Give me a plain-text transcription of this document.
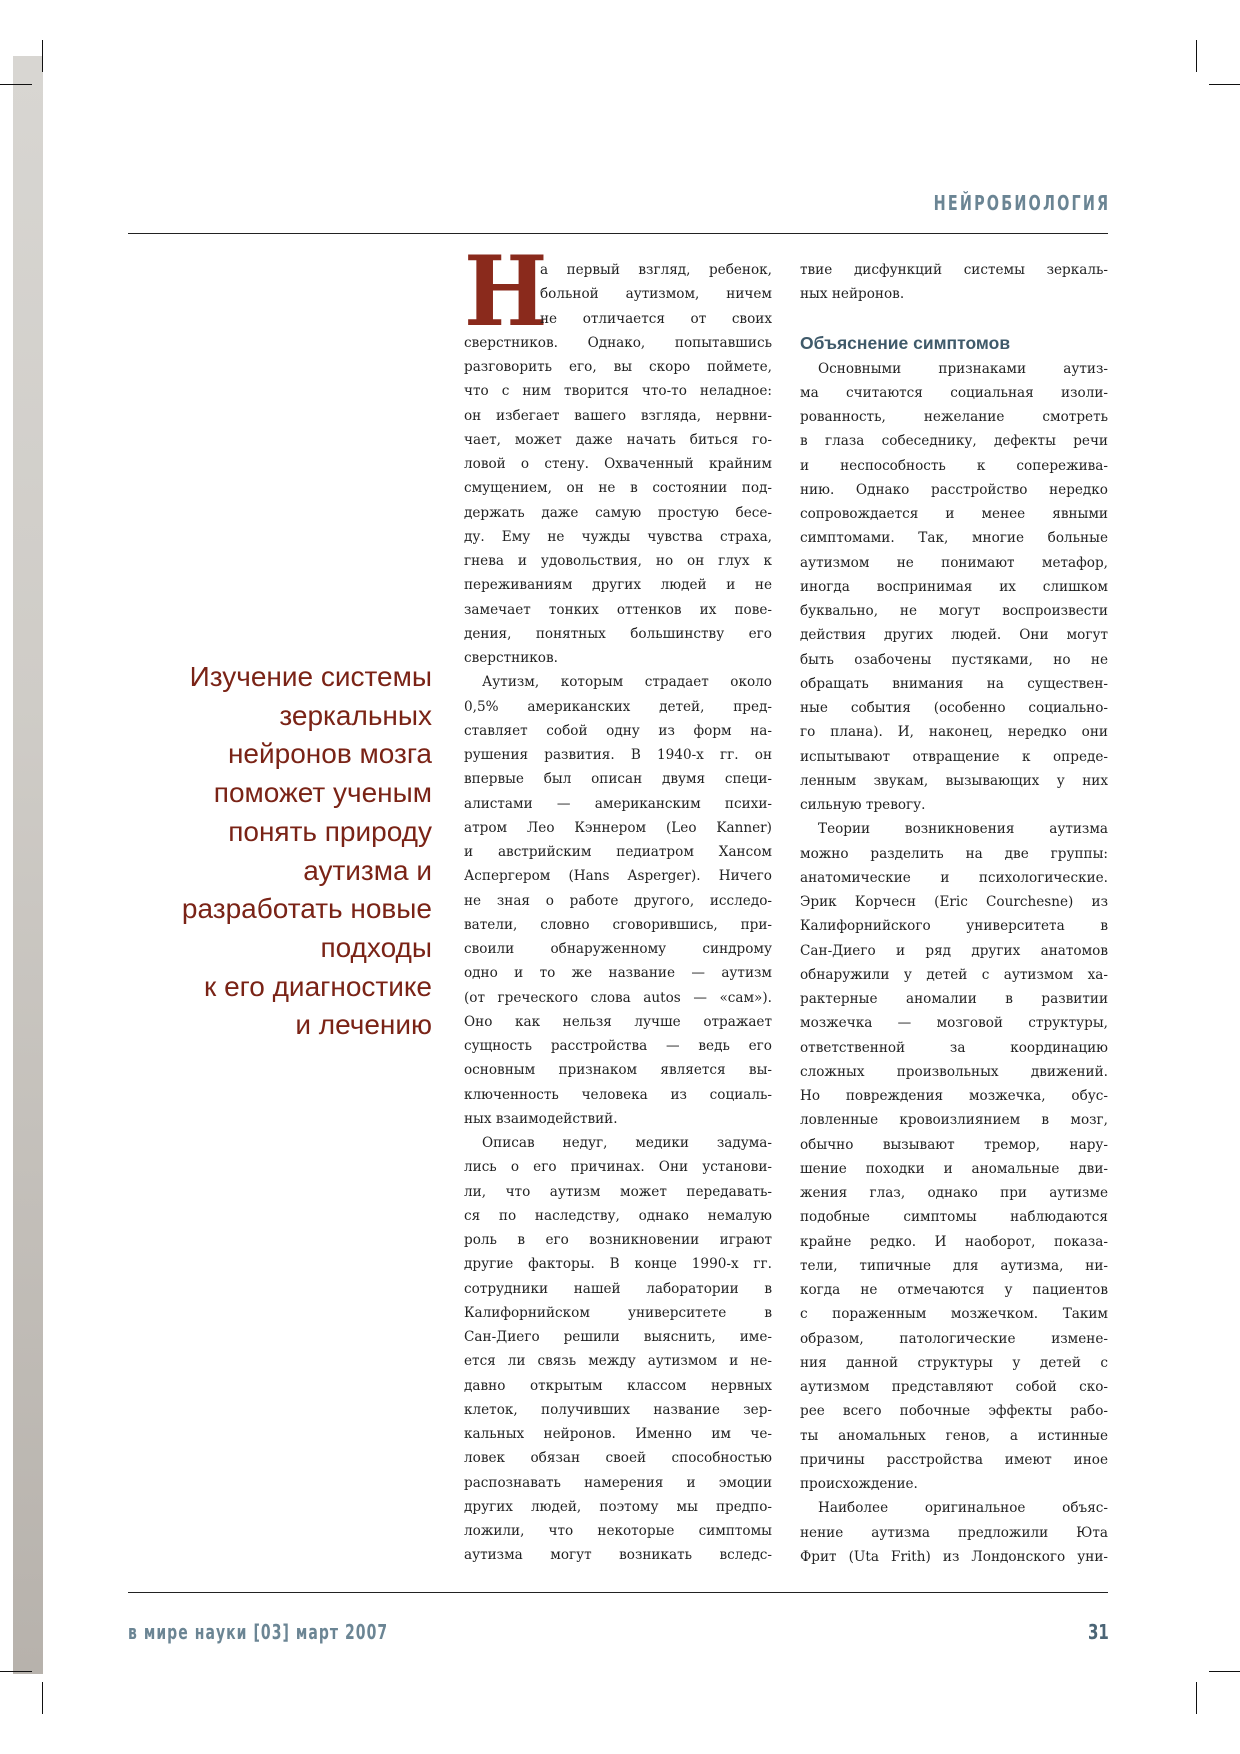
НЕЙРОБИОЛОГИЯ
Изучение системы
зеркальных
нейронов мозга
поможет ученым
понять природу
аутизма и
разработать новые
подходы
к его диагностике
и лечению
Н
а первый взгляд, ребенок,
больной аутизмом, ничем
не отличается от своих
сверстников. Однако, попытавшись
разговорить его, вы скоро поймете,
что с ним творится что-то неладное:
он избегает вашего взгляда, нервни-
чает, может даже начать биться го-
ловой о стену. Охваченный крайним
смущением, он не в состоянии под-
держать даже самую простую бесе-
ду. Ему не чужды чувства страха,
гнева и удовольствия, но он глух к
переживаниям других людей и не
замечает тонких оттенков их пове-
дения, понятных большинству его
сверстников.
Аутизм, которым страдает около
0,5% американских детей, пред-
ставляет собой одну из форм на-
рушения развития. В 1940-х гг. он
впервые был описан двумя специ-
алистами — американским психи-
атром Лео Кэннером (Leo Kanner)
и австрийским педиатром Хансом
Аспергером (Hans Asperger). Ничего
не зная о работе другого, исследо-
ватели, словно сговорившись, при-
своили обнаруженному синдрому
одно и то же название — аутизм
(от греческого слова autos — «сам»).
Оно как нельзя лучше отражает
сущность расстройства — ведь его
основным признаком является вы-
ключенность человека из социаль-
ных взаимодействий.
Описав недуг, медики задума-
лись о его причинах. Они установи-
ли, что аутизм может передавать-
ся по наследству, однако немалую
роль в его возникновении играют
другие факторы. В конце 1990-х гг.
сотрудники нашей лаборатории в
Калифорнийском университете в
Сан-Диего решили выяснить, име-
ется ли связь между аутизмом и не-
давно открытым классом нервных
клеток, получивших название зер-
кальных нейронов. Именно им че-
ловек обязан своей способностью
распознавать намерения и эмоции
других людей, поэтому мы предпо-
ложили, что некоторые симптомы
аутизма могут возникать вследс-
твие дисфункций системы зеркаль-
ных нейронов.
Объяснение симптомов
Основными признаками аутиз-
ма считаются социальная изоли-
рованность, нежелание смотреть
в глаза собеседнику, дефекты речи
и неспособность к сопережива-
нию. Однако расстройство нередко
сопровождается и менее явными
симптомами. Так, многие больные
аутизмом не понимают метафор,
иногда воспринимая их слишком
буквально, не могут воспроизвести
действия других людей. Они могут
быть озабочены пустяками, но не
обращать внимания на существен-
ные события (особенно социально-
го плана). И, наконец, нередко они
испытывают отвращение к опреде-
ленным звукам, вызывающих у них
сильную тревогу.
Теории возникновения аутизма
можно разделить на две группы:
анатомические и психологические.
Эрик Корчесн (Eric Courchesne) из
Калифорнийского университета в
Сан-Диего и ряд других анатомов
обнаружили у детей с аутизмом ха-
рактерные аномалии в развитии
мозжечка — мозговой структуры,
ответственной за координацию
сложных произвольных движений.
Но повреждения мозжечка, обус-
ловленные кровоизлиянием в мозг,
обычно вызывают тремор, нару-
шение походки и аномальные дви-
жения глаз, однако при аутизме
подобные симптомы наблюдаются
крайне редко. И наоборот, показа-
тели, типичные для аутизма, ни-
когда не отмечаются у пациентов
с пораженным мозжечком. Таким
образом, патологические измене-
ния данной структуры у детей с
аутизмом представляют собой ско-
рее всего побочные эффекты рабо-
ты аномальных генов, а истинные
причины расстройства имеют иное
происхождение.
Наиболее оригинальное объяс-
нение аутизма предложили Юта
Фрит (Uta Frith) из Лондонского уни-
в мире науки [03] март 2007	31
